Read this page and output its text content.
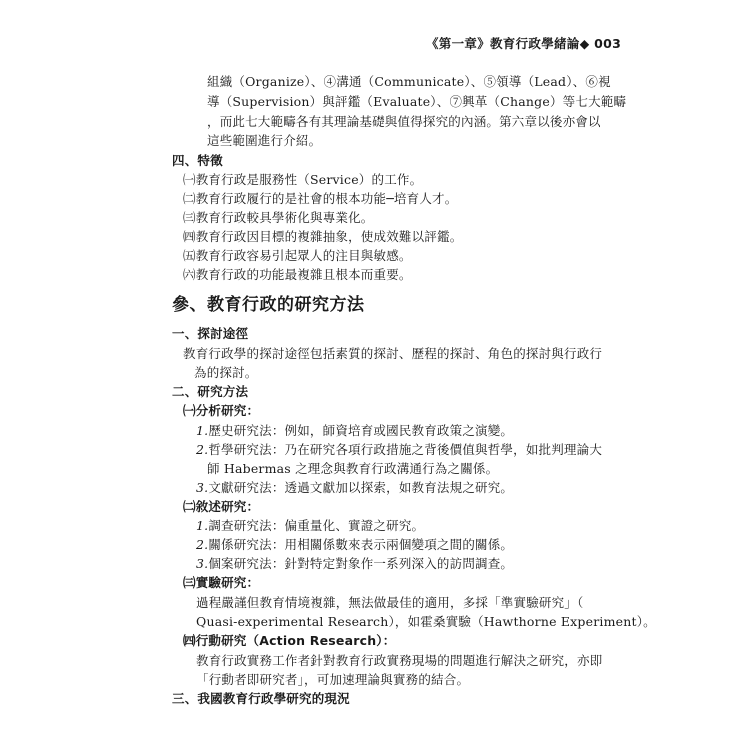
《第一章》教育行政學緒論◆ 003
組織（Organize）、④溝通（Communicate）、⑤領導（Lead）、⑥視
導（Supervision）與評鑑（Evaluate）、⑦興革（Change）等七大範疇
，而此七大範疇各有其理論基礎與值得探究的內涵。第六章以後亦會以
這些範圍進行介紹。
四、特徵
㈠教育行政是服務性（Service）的工作。
㈡教育行政履行的是社會的根本功能─培育人才。
㈢教育行政較具學術化與專業化。
㈣教育行政因目標的複雜抽象，使成效難以評鑑。
㈤教育行政容易引起眾人的注目與敏感。
㈥教育行政的功能最複雜且根本而重要。
參、教育行政的研究方法
一、探討途徑
教育行政學的探討途徑包括素質的探討、歷程的探討、角色的探討與行政行
為的探討。
二、研究方法
㈠分析研究：
1.歷史研究法：例如，師資培育或國民教育政策之演變。
2.哲學研究法：乃在研究各項行政措施之背後價值與哲學，如批判理論大
師 Habermas 之理念與教育行政溝通行為之關係。
3.文獻研究法：透過文獻加以探索，如教育法規之研究。
㈡敘述研究：
1.調查研究法：偏重量化、實證之研究。
2.關係研究法：用相關係數來表示兩個變項之間的關係。
3.個案研究法：針對特定對象作一系列深入的訪問調查。
㈢實驗研究：
過程嚴謹但教育情境複雜，無法做最佳的適用，多採「準實驗研究」（
Quasi-experimental Research），如霍桑實驗（Hawthorne Experiment）。
㈣行動研究（Action Research）：
教育行政實務工作者針對教育行政實務現場的問題進行解決之研究，亦即
「行動者即研究者」，可加速理論與實務的結合。
三、我國教育行政學研究的現況
